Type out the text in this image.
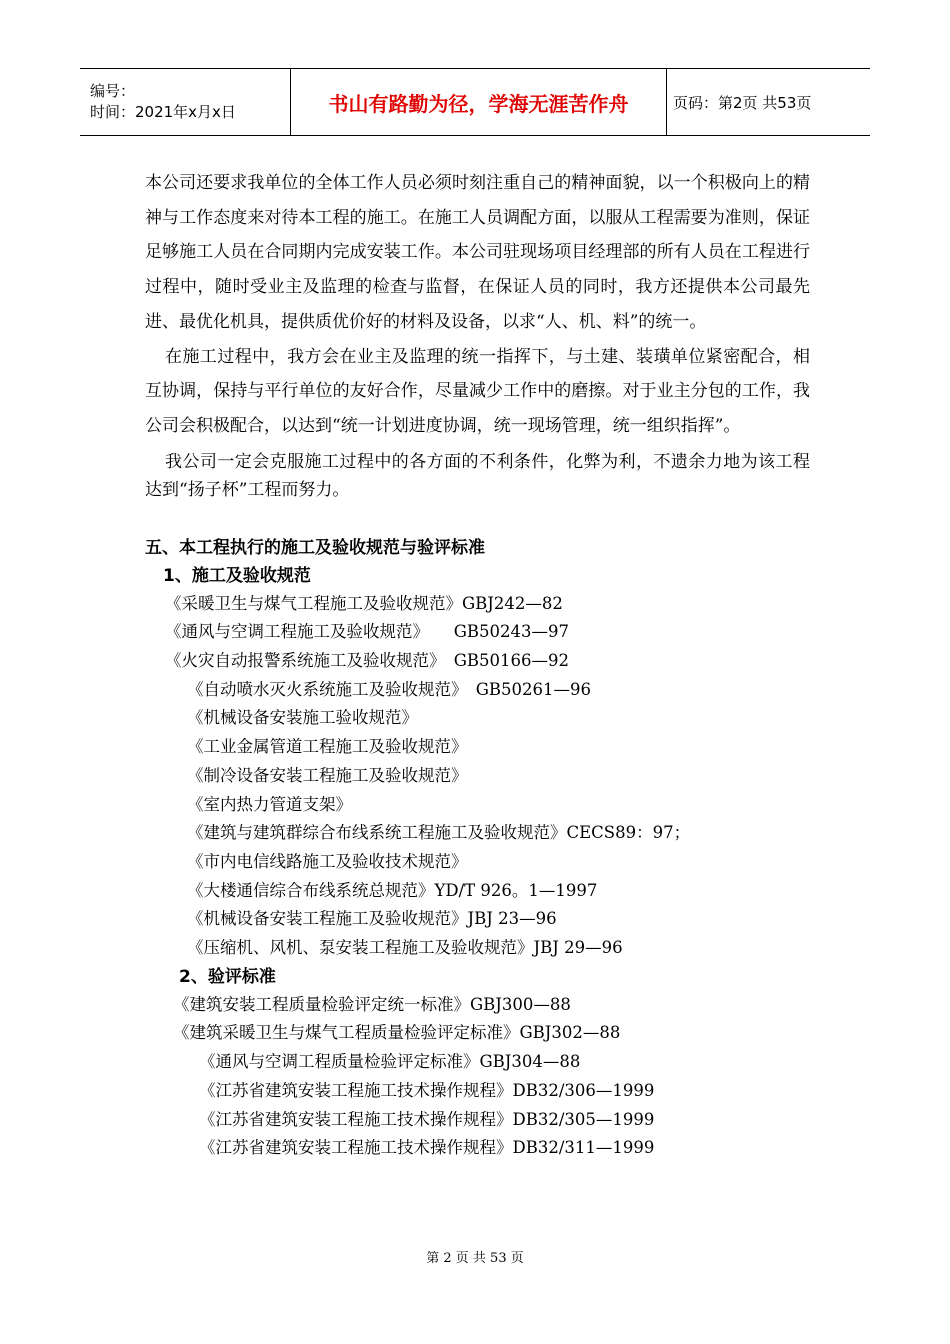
编号：
时间：2021年x月x日	书山有路勤为径，学海无涯苦作舟	页码：第2页 共53页

本公司还要求我单位的全体工作人员必须时刻注重自己的精神面貌，以一个积极向上的精神与工作态度来对待本工程的施工。在施工人员调配方面，以服从工程需要为准则，保证足够施工人员在合同期内完成安装工作。本公司驻现场项目经理部的所有人员在工程进行过程中，随时受业主及监理的检查与监督，在保证人员的同时，我方还提供本公司最先进、最优化机具，提供质优价好的材料及设备，以求“人、机、料”的统一。

在施工过程中，我方会在业主及监理的统一指挥下，与土建、装璜单位紧密配合，相互协调，保持与平行单位的友好合作，尽量减少工作中的磨擦。对于业主分包的工作，我公司会积极配合，以达到“统一计划进度协调，统一现场管理，统一组织指挥”。

我公司一定会克服施工过程中的各方面的不利条件，化弊为利，不遗余力地为该工程达到“扬子杯”工程而努力。

五、本工程执行的施工及验收规范与验评标准

1、施工及验收规范

《采暖卫生与煤气工程施工及验收规范》GBJ242—82

《通风与空调工程施工及验收规范》　　GB50243—97

《火灾自动报警系统施工及验收规范》　GB50166—92

《自动喷水灭火系统施工及验收规范》　GB50261—96

《机械设备安装施工验收规范》

《工业金属管道工程施工及验收规范》

《制冷设备安装工程施工及验收规范》

《室内热力管道支架》

《建筑与建筑群综合布线系统工程施工及验收规范》CECS89：97；

《市内电信线路施工及验收技术规范》

《大楼通信综合布线系统总规范》YD/T 926。1—1997

《机械设备安装工程施工及验收规范》JBJ 23—96

《压缩机、风机、泵安装工程施工及验收规范》JBJ 29—96

2、验评标准

《建筑安装工程质量检验评定统一标准》GBJ300—88

《建筑采暖卫生与煤气工程质量检验评定标准》GBJ302—88

《通风与空调工程质量检验评定标准》GBJ304—88

《江苏省建筑安装工程施工技术操作规程》DB32/306—1999

《江苏省建筑安装工程施工技术操作规程》DB32/305—1999

《江苏省建筑安装工程施工技术操作规程》DB32/311—1999

第 2 页 共 53 页
